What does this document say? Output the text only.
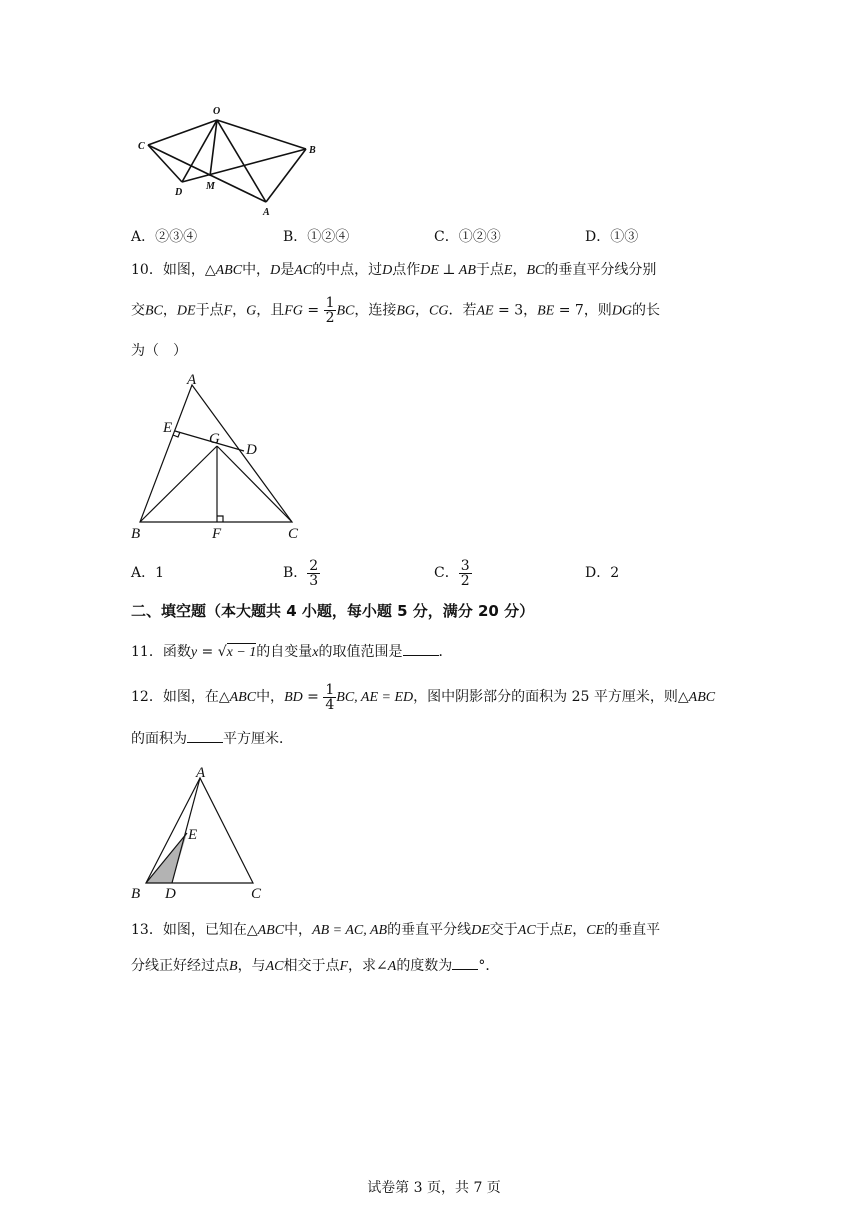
O
C	B
D
M
A
A．②③④	B．①②④	C．①②③	D．①③
10．如图，△ABC中，D是AC的中点，过D点作DE ⊥ AB于点E，BC的垂直平分线分别
交BC，DE于点F，G，且FG = $\frac{1}{2}$ BC，连接BG，CG．若AE = 3，BE = 7，则DG的长
为（　）
A
E
G
D
B	F	C
A．1	B． $\frac{2}{3}$	C． $\frac{3}{2}$	D．2
二、填空题（本大题共 4 小题，每小题 5 分，满分 20 分）
11．函数y = √x − 1的自变量x的取值范围是	．
12．如图，在△ABC中，BD = $\frac{1}{4}$ BC, AE = ED，图中阴影部分的面积为 25 平方厘米，则△ABC
的面积为	平方厘米．
A
E
B D	C
13．如图，已知在△ABC中，AB = AC, AB的垂直平分线DE交于AC于点E，CE的垂直平
分线正好经过点B，与AC相交于点F，求∠A的度数为 °．
试卷第 3 页，共 7 页
